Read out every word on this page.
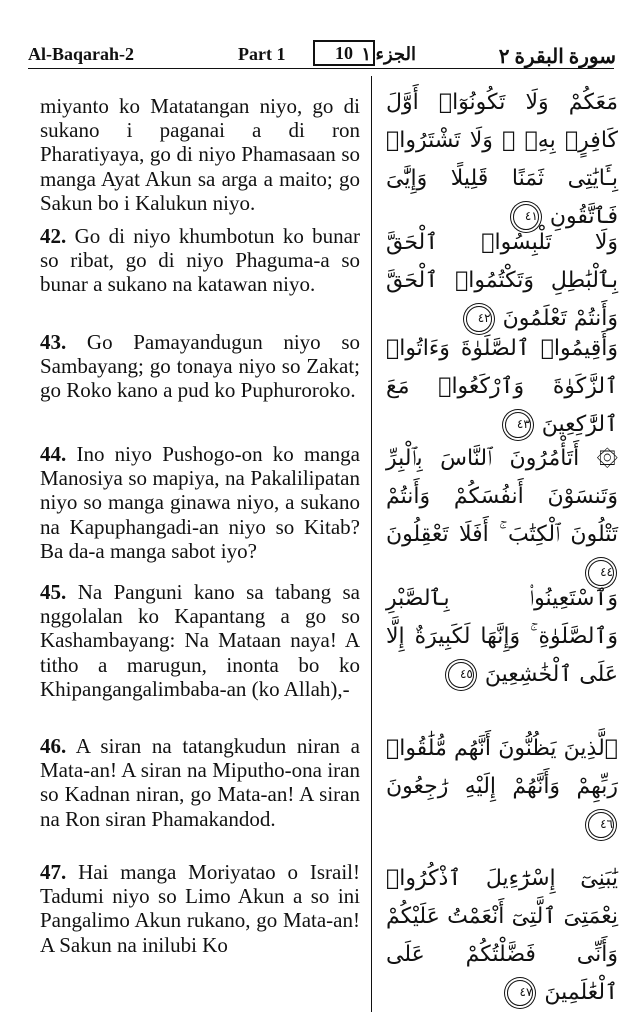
Al-Baqarah-2	Part 1	10 الجزء ١	سورة البقرة ٢

miyanto ko Matatangan niyo, go di sukano i paganai a di ron Pharatiyaya, go di niyo Phamasaan so manga Ayat Akun sa arga a maito; go Sakun bo i Kalukun niyo.

42. Go di niyo khumbotun ko bunar so ribat, go di niyo Phaguma-a so bunar a sukano na katawan niyo.

43. Go Pamayandugun niyo so Sambayang; go tonaya niyo so Zakat; go Roko kano a pud ko Puphuroroko.

44. Ino niyo Pushogo-on ko manga Manosiya so mapiya, na Pakalilipatan niyo so manga ginawa niyo, a sukano na Kapuphangadi-an niyo so Kitab? Ba da-a manga sabot iyo?

45. Na Panguni kano sa tabang sa nggolalan ko Kapantang a go so Kashambayang: Na Mataan naya! A titho a marugun, inonta bo ko Khipangangalimbaba-an (ko Allah),-

46. A siran na tatangkudun niran a Mata-an! A siran na Miputho-ona iran so Kadnan niran, go Mata-an! A siran na Ron siran Phamakandod.

47. Hai manga Moriyatao o Israil! Tadumi niyo so Limo Akun a so ini Pangalimo Akun rukano, go Mata-an! A Sakun na inilubi Ko

مَعَكُمْ وَلَا تَكُونُوٓا۟ أَوَّلَ كَافِرٍۭ بِهِۦ ۖ وَلَا تَشْتَرُوا۟ بِـَٔايَٰتِى ثَمَنًا قَلِيلًا وَإِيَّٰىَ فَٱتَّقُونِ ٤١

وَلَا تَلْبِسُوا۟ ٱلْحَقَّ بِٱلْبَٰطِلِ وَتَكْتُمُوا۟ ٱلْحَقَّ وَأَنتُمْ تَعْلَمُونَ ٤٢

وَأَقِيمُوا۟ ٱلصَّلَوٰةَ وَءَاتُوا۟ ٱلزَّكَوٰةَ وَٱرْكَعُوا۟ مَعَ ٱلرَّٰكِعِينَ ٤٣

۞ أَتَأْمُرُونَ ٱلنَّاسَ بِٱلْبِرِّ وَتَنسَوْنَ أَنفُسَكُمْ وَأَنتُمْ تَتْلُونَ ٱلْكِتَٰبَ ۚ أَفَلَا تَعْقِلُونَ ٤٤

وَٱسْتَعِينُوا۟ بِٱلصَّبْرِ وَٱلصَّلَوٰةِ ۚ وَإِنَّهَا لَكَبِيرَةٌ إِلَّا عَلَى ٱلْخَٰشِعِينَ ٤٥

ٱلَّذِينَ يَظُنُّونَ أَنَّهُم مُّلَٰقُوا۟ رَبِّهِمْ وَأَنَّهُمْ إِلَيْهِ رَٰجِعُونَ ٤٦

يَٰبَنِىٓ إِسْرَٰٓءِيلَ ٱذْكُرُوا۟ نِعْمَتِىَ ٱلَّتِىٓ أَنْعَمْتُ عَلَيْكُمْ وَأَنِّى فَضَّلْتُكُمْ عَلَى ٱلْعَٰلَمِينَ ٤٧
